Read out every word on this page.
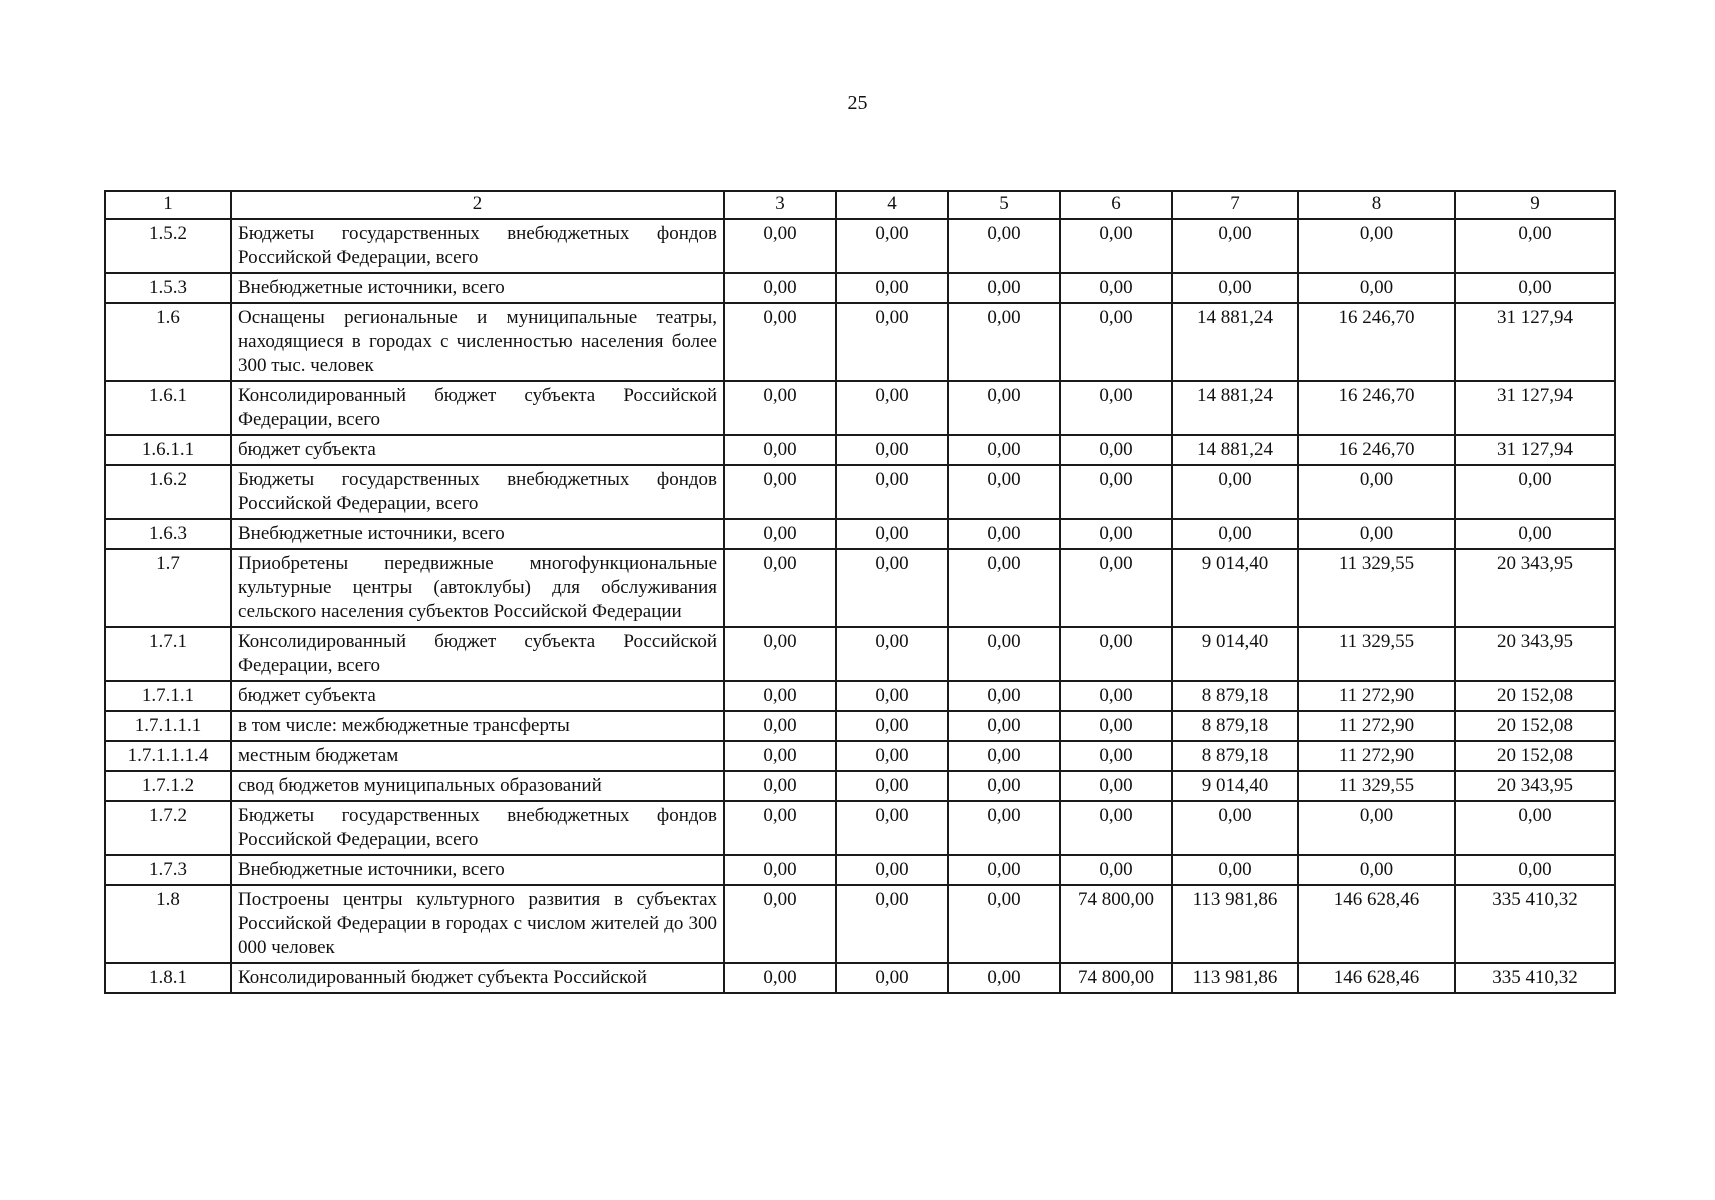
25
1	2	3	4	5	6	7	8	9
1.5.2	Бюджеты государственных внебюджетных фондов Российской Федерации, всего	0,00	0,00	0,00	0,00	0,00	0,00	0,00
1.5.3	Внебюджетные источники, всего	0,00	0,00	0,00	0,00	0,00	0,00	0,00
1.6	Оснащены региональные и муниципальные театры, находящиеся в городах с численностью населения более 300 тыс. человек	0,00	0,00	0,00	0,00	14 881,24	16 246,70	31 127,94
1.6.1	Консолидированный бюджет субъекта Российской Федерации, всего	0,00	0,00	0,00	0,00	14 881,24	16 246,70	31 127,94
1.6.1.1	бюджет субъекта	0,00	0,00	0,00	0,00	14 881,24	16 246,70	31 127,94
1.6.2	Бюджеты государственных внебюджетных фондов Российской Федерации, всего	0,00	0,00	0,00	0,00	0,00	0,00	0,00
1.6.3	Внебюджетные источники, всего	0,00	0,00	0,00	0,00	0,00	0,00	0,00
1.7	Приобретены передвижные многофункциональные культурные центры (автоклубы) для обслуживания сельского населения субъектов Российской Федерации	0,00	0,00	0,00	0,00	9 014,40	11 329,55	20 343,95
1.7.1	Консолидированный бюджет субъекта Российской Федерации, всего	0,00	0,00	0,00	0,00	9 014,40	11 329,55	20 343,95
1.7.1.1	бюджет субъекта	0,00	0,00	0,00	0,00	8 879,18	11 272,90	20 152,08
1.7.1.1.1	в том числе: межбюджетные трансферты	0,00	0,00	0,00	0,00	8 879,18	11 272,90	20 152,08
1.7.1.1.1.4	местным бюджетам	0,00	0,00	0,00	0,00	8 879,18	11 272,90	20 152,08
1.7.1.2	свод бюджетов муниципальных образований	0,00	0,00	0,00	0,00	9 014,40	11 329,55	20 343,95
1.7.2	Бюджеты государственных внебюджетных фондов Российской Федерации, всего	0,00	0,00	0,00	0,00	0,00	0,00	0,00
1.7.3	Внебюджетные источники, всего	0,00	0,00	0,00	0,00	0,00	0,00	0,00
1.8	Построены центры культурного развития в субъектах Российской Федерации в городах с числом жителей до 300 000 человек	0,00	0,00	0,00	74 800,00	113 981,86	146 628,46	335 410,32
1.8.1	Консолидированный бюджет субъекта Российской	0,00	0,00	0,00	74 800,00	113 981,86	146 628,46	335 410,32
